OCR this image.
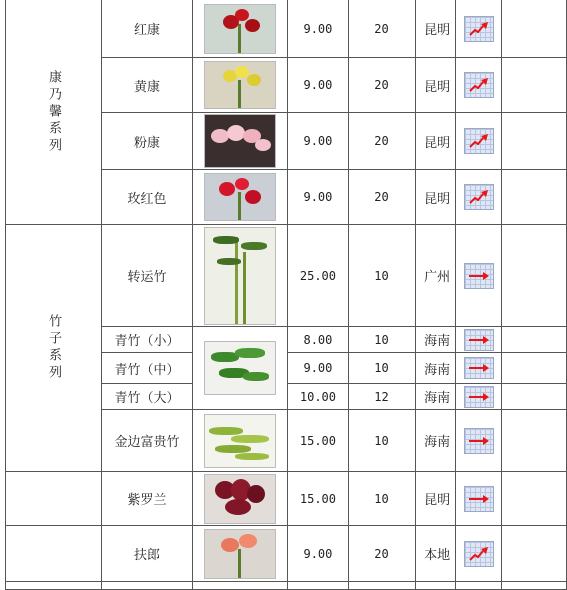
康乃馨系列	红康		9.00	20	昆明	

	黄康		9.00	20	昆明	

	粉康		9.00	20	昆明	

	玫红色		9.00	20	昆明	

竹子系列	转运竹		25.00	10	广州	

	青竹（小）		8.00	10	海南	

	青竹（中）		9.00	10	海南	

	青竹（大）		10.00	12	海南	

	金边富贵竹		15.00	10	海南	

	紫罗兰		15.00	10	昆明	

	扶郎		9.00	20	本地	
